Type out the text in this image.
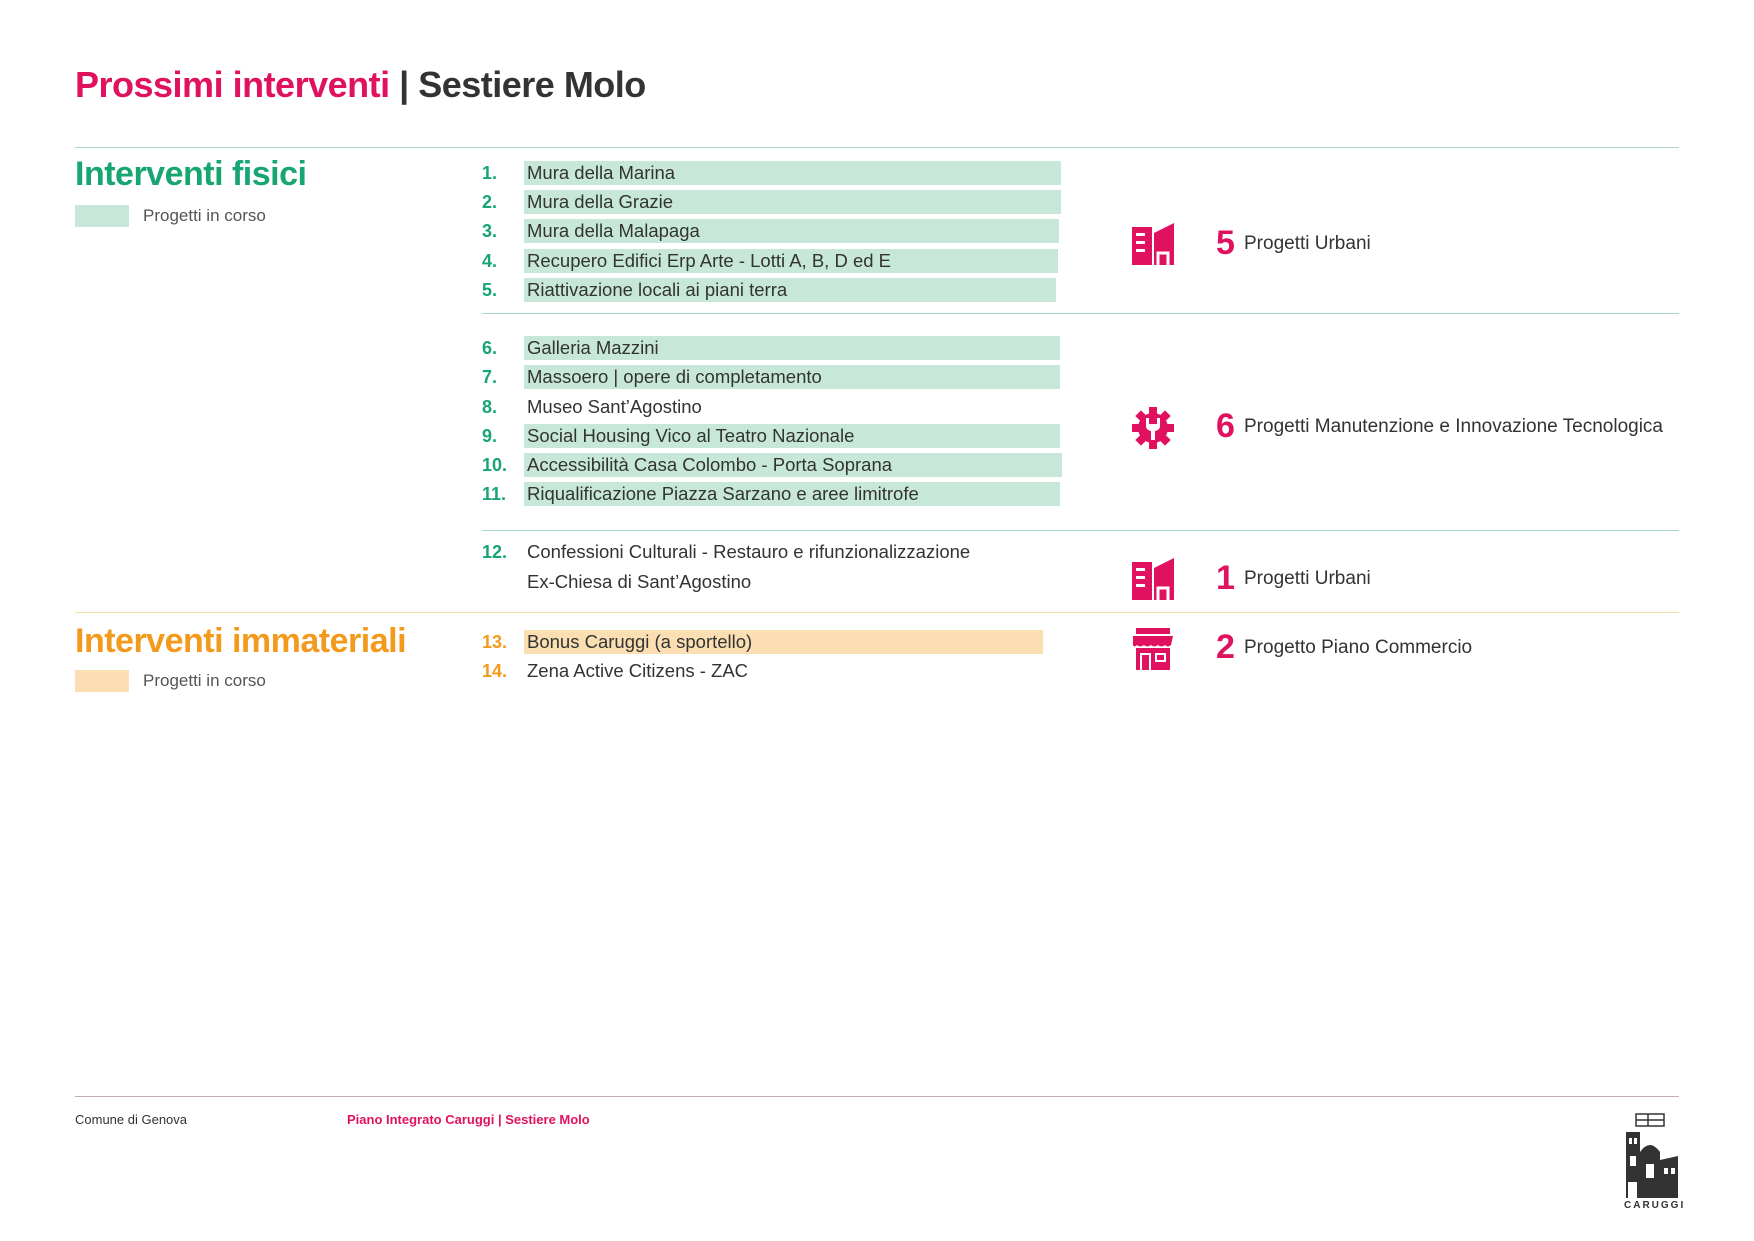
Prossimi interventi | Sestiere Molo
Interventi fisici
Progetti in corso
1.	Mura della Marina
2.	Mura della Grazie
3.	Mura della Malapaga
4.	Recupero Edifici Erp Arte - Lotti A, B, D ed E
5.	Riattivazione locali ai piani terra
6.	Galleria Mazzini
7.	Massoero | opere di completamento
8.	Museo Sant’Agostino
9.	Social Housing Vico al Teatro Nazionale
10.	Accessibilità Casa Colombo - Porta Soprana
11.	Riqualificazione Piazza Sarzano e aree limitrofe
12.	Confessioni Culturali - Restauro e rifunzionalizzazione
Ex-Chiesa di Sant’Agostino
5 Progetti Urbani
6 Progetti Manutenzione e Innovazione Tecnologica
1 Progetti Urbani
Interventi immateriali
Progetti in corso
13.	Bonus Caruggi (a sportello)
14.	Zena Active Citizens - ZAC
2 Progetto Piano Commercio
Comune di Genova	Piano Integrato Caruggi | Sestiere Molo
CARUGGI
